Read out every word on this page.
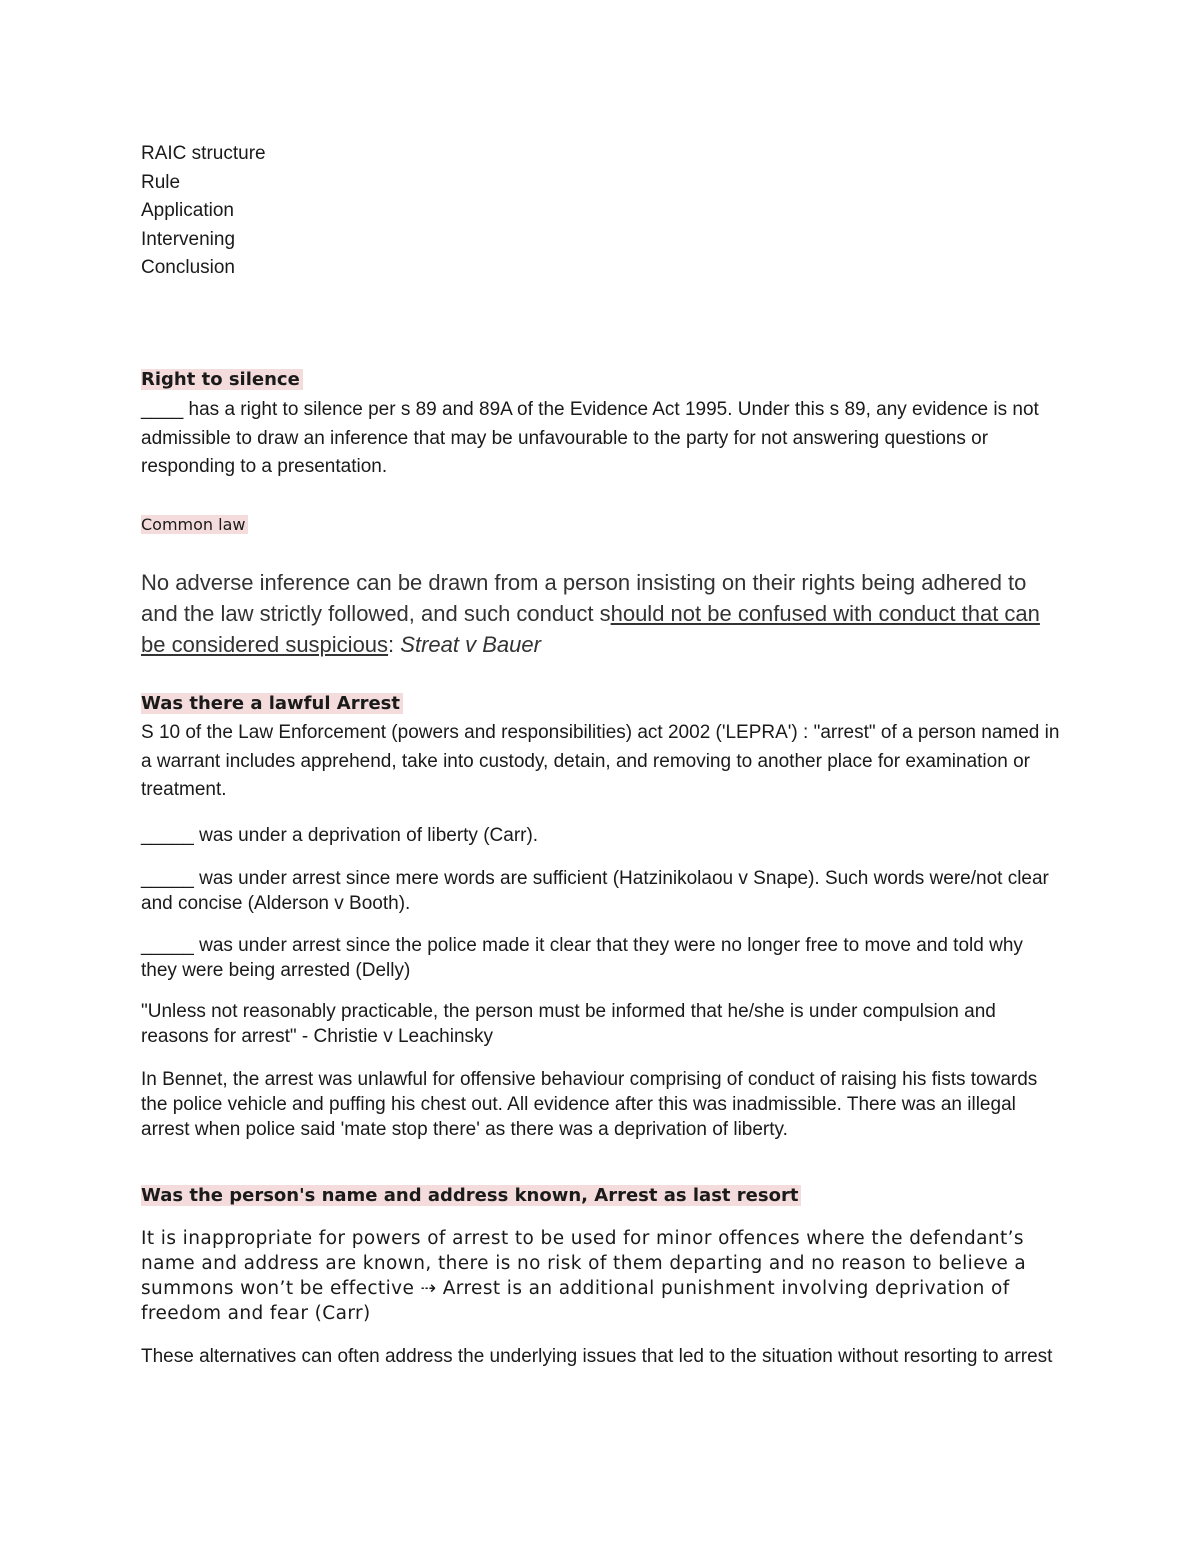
RAIC structure
Rule
Application
Intervening
Conclusion
Right to silence

____ has a right to silence per s 89 and 89A of the Evidence Act 1995. Under this s 89, any evidence is not admissible to draw an inference that may be unfavourable to the party for not answering questions or responding to a presentation.

Common law

No adverse inference can be drawn from a person insisting on their rights being adhered to and the law strictly followed, and such conduct should not be confused with conduct that can be considered suspicious: Streat v Bauer

Was there a lawful Arrest

S 10 of the Law Enforcement (powers and responsibilities) act 2002 ('LEPRA') : "arrest" of a person named in a warrant includes apprehend, take into custody, detain, and removing to another place for examination or treatment.

_____ was under a deprivation of liberty (Carr).

_____ was under arrest since mere words are sufficient (Hatzinikolaou v Snape). Such words were/not clear and concise (Alderson v Booth).

_____ was under arrest since the police made it clear that they were no longer free to move and told why they were being arrested (Delly)

"Unless not reasonably practicable, the person must be informed that he/she is under compulsion and reasons for arrest" - Christie v Leachinsky

In Bennet, the arrest was unlawful for offensive behaviour comprising of conduct of raising his fists towards the police vehicle and puffing his chest out. All evidence after this was inadmissible. There was an illegal arrest when police said 'mate stop there' as there was a deprivation of liberty.

Was the person's name and address known, Arrest as last resort

It is inappropriate for powers of arrest to be used for minor offences where the defendant’s name and address are known, there is no risk of them departing and no reason to believe a summons won’t be effective ⇢ Arrest is an additional punishment involving deprivation of freedom and fear (Carr)

These alternatives can often address the underlying issues that led to the situation without resorting to arrest
